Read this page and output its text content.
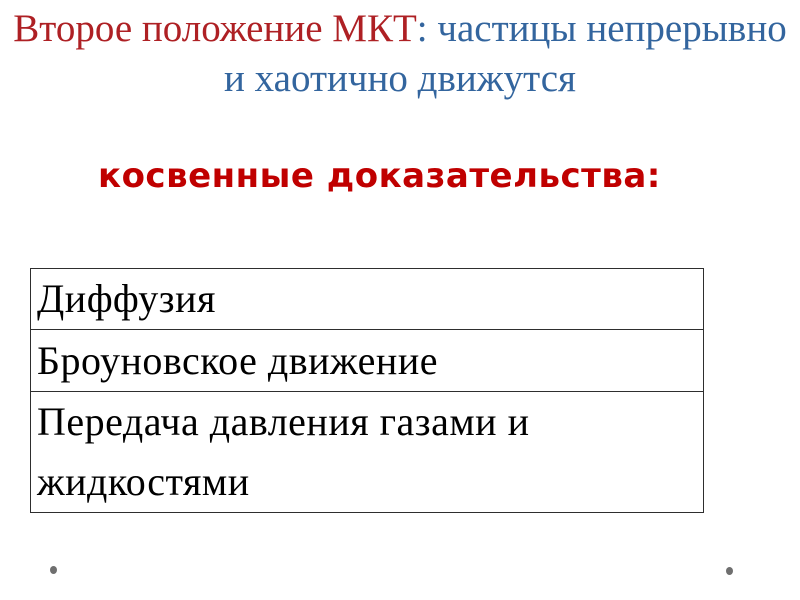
Второе положение МКТ: частицы непрерывно
и хаотично движутся
косвенные доказательства:
Диффузия
Броуновское движение
Передача давления газами и жидкостями
